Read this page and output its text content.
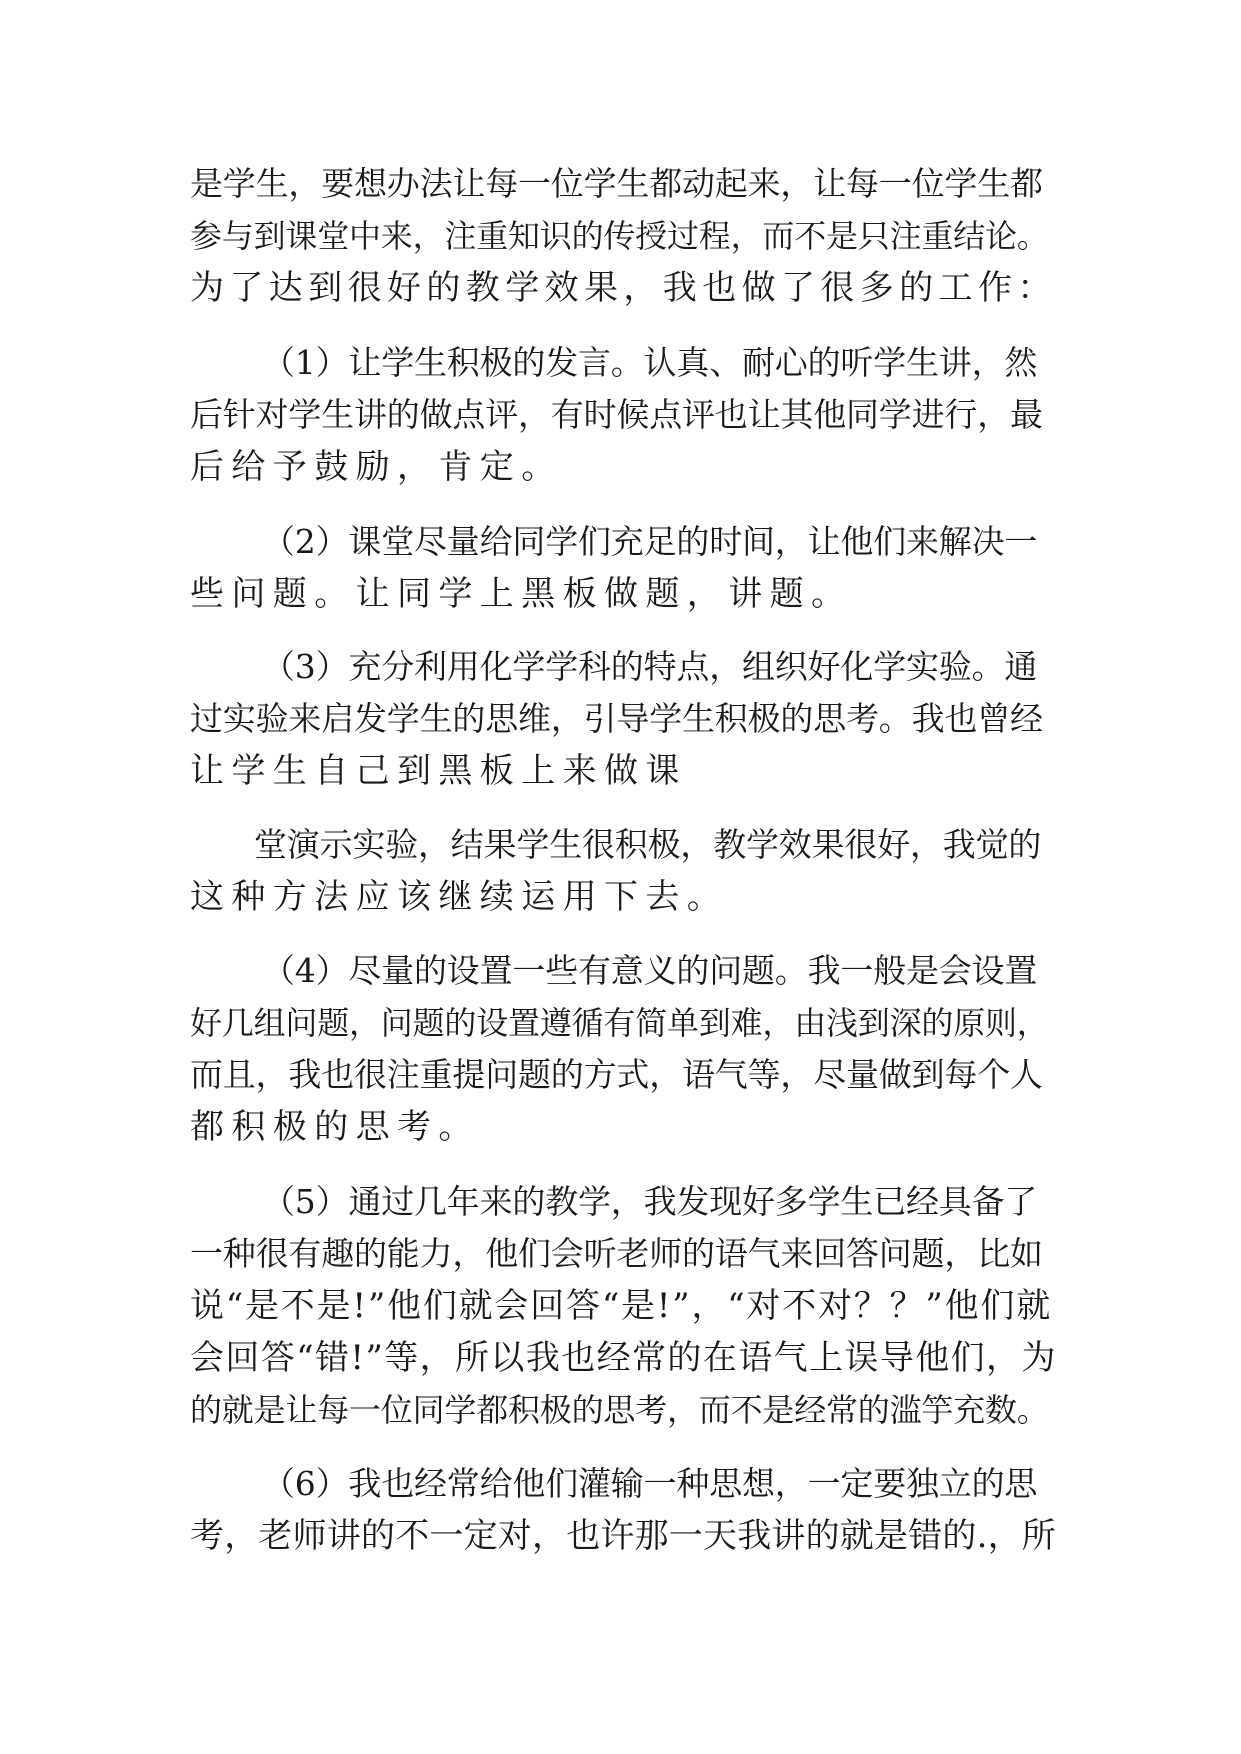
是学生，要想办法让每一位学生都动起来，让每一位学生都

参与到课堂中来，注重知识的传授过程，而不是只注重结论。

为了达到很好的教学效果，我也做了很多的工作：

（1）让学生积极的发言。认真、耐心的听学生讲，然

后针对学生讲的做点评，有时候点评也让其他同学进行，最

后给予鼓励，肯定。

（2）课堂尽量给同学们充足的时间，让他们来解决一

些问题。让同学上黑板做题，讲题。

（3）充分利用化学学科的特点，组织好化学实验。通

过实验来启发学生的思维，引导学生积极的思考。我也曾经

让学生自己到黑板上来做课

堂演示实验，结果学生很积极，教学效果很好，我觉的

这种方法应该继续运用下去。

（4）尽量的设置一些有意义的问题。我一般是会设置

好几组问题，问题的设置遵循有简单到难，由浅到深的原则，

而且，我也很注重提问题的方式，语气等，尽量做到每个人

都积极的思考。

（5）通过几年来的教学，我发现好多学生已经具备了

一种很有趣的能力，他们会听老师的语气来回答问题，比如

说“是不是!”他们就会回答“是!”，“对不对？？”他们就

会回答“错!”等，所以我也经常的在语气上误导他们，为

的就是让每一位同学都积极的思考，而不是经常的滥竽充数。

（6）我也经常给他们灌输一种思想，一定要独立的思

考，老师讲的不一定对，也许那一天我讲的就是错的.，所
